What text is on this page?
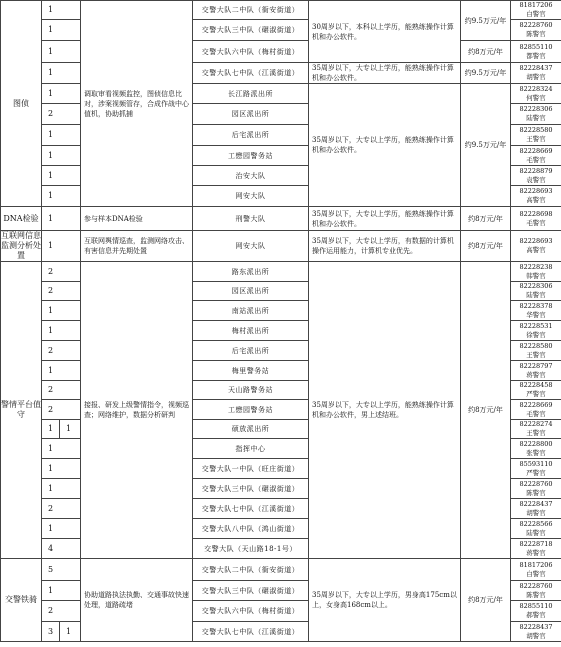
图侦	1		调取审看视频监控，图侦信息比对，涉案视频管存，合成作战中心值机，协助抓捕	交警大队二中队（衙安街道）	30周岁以下，本科以上学历，能熟练操作计算机和办公软件。	约9.5万元/年	81817206
白警官

	1			交警大队三中队（碾淑街道）			82228760
陈警官

	1			交警大队六中队（梅村街道）		约8万元/年	82855110
都警官

	1			交警大队七中队（江溪街道）	35周岁以下，大专以上学历，能熟练操作计算机和办公软件。	约9.5万元/年	82228437
胡警官

	1			长江路派出所	35周岁以下，大专以上学历，能熟练操作计算机和办公软件。	约9.5万元/年	82228324
何警官

	2			园区派出所			82228306
陆警官

	1			后宅派出所			82228580
王警官

	1			工懋园警务站			82228669
毛警官

	1			治安大队			82228879
袁警官

	1			网安大队			82228693
高警官

DNA检验	1		参与样本DNA检验	刑警大队	35周岁以下，大专以上学历，能熟练操作计算机和办公软件。	约8万元/年	82228698
毛警官

互联网信息监测分析处置	1		互联网舆情巡查，监测网络攻击、有害信息并先期处置	网安大队	35周岁以下，大专以上学历，有数据的计算机操作运用能力，计算机专业优先。	约8万元/年	82228693
高警官

警情平台值守	2		接报、研发上级警情指令，视频巡查；网络维护，数据分析研判	路东派出所	35周岁以下，大专以上学历，能熟练操作计算机和办公软件，男上述结班。	约8万元/年	82228238
韩警官

	2			园区派出所			82228306
陆警官

	1			南站派出所			82228378
华警官

	1			梅村派出所			82228531
徐警官

	2			后宅派出所			82228580
王警官

	1			梅里警务站			82228797
蒋警官

	2			天山路警务站			82228458
严警官

	2			工懋园警务站			82228669
毛警官

	1	1		硕放派出所			82228274
王警官

	1			指挥中心			82228800
张警官

	1			交警大队一中队（旺庄街道）			85593110
严警官

	1			交警大队三中队（碾淑街道）			82228760
陈警官

	2			交警大队七中队（江溪街道）			82228437
胡警官

	1			交警大队八中队（鸿山街道）			82228566
陆警官

	4			交警大队（天山路18-1号）			82228718
蒋警官

交警铁骑	5		协助道路执法执勤、交通事故快速处理，道路疏堵	交警大队二中队（衙安街道）	35周岁以下，大专以上学历，男身高175cm以上，女身高168cm以上。	约8万元/年	81817206
白警官

	1			交警大队三中队（碾淑街道）			82228760
陈警官

	2			交警大队六中队（梅村街道）			82855110
郝警官

	3	1		交警大队七中队（江溪街道）			82228437
胡警官
